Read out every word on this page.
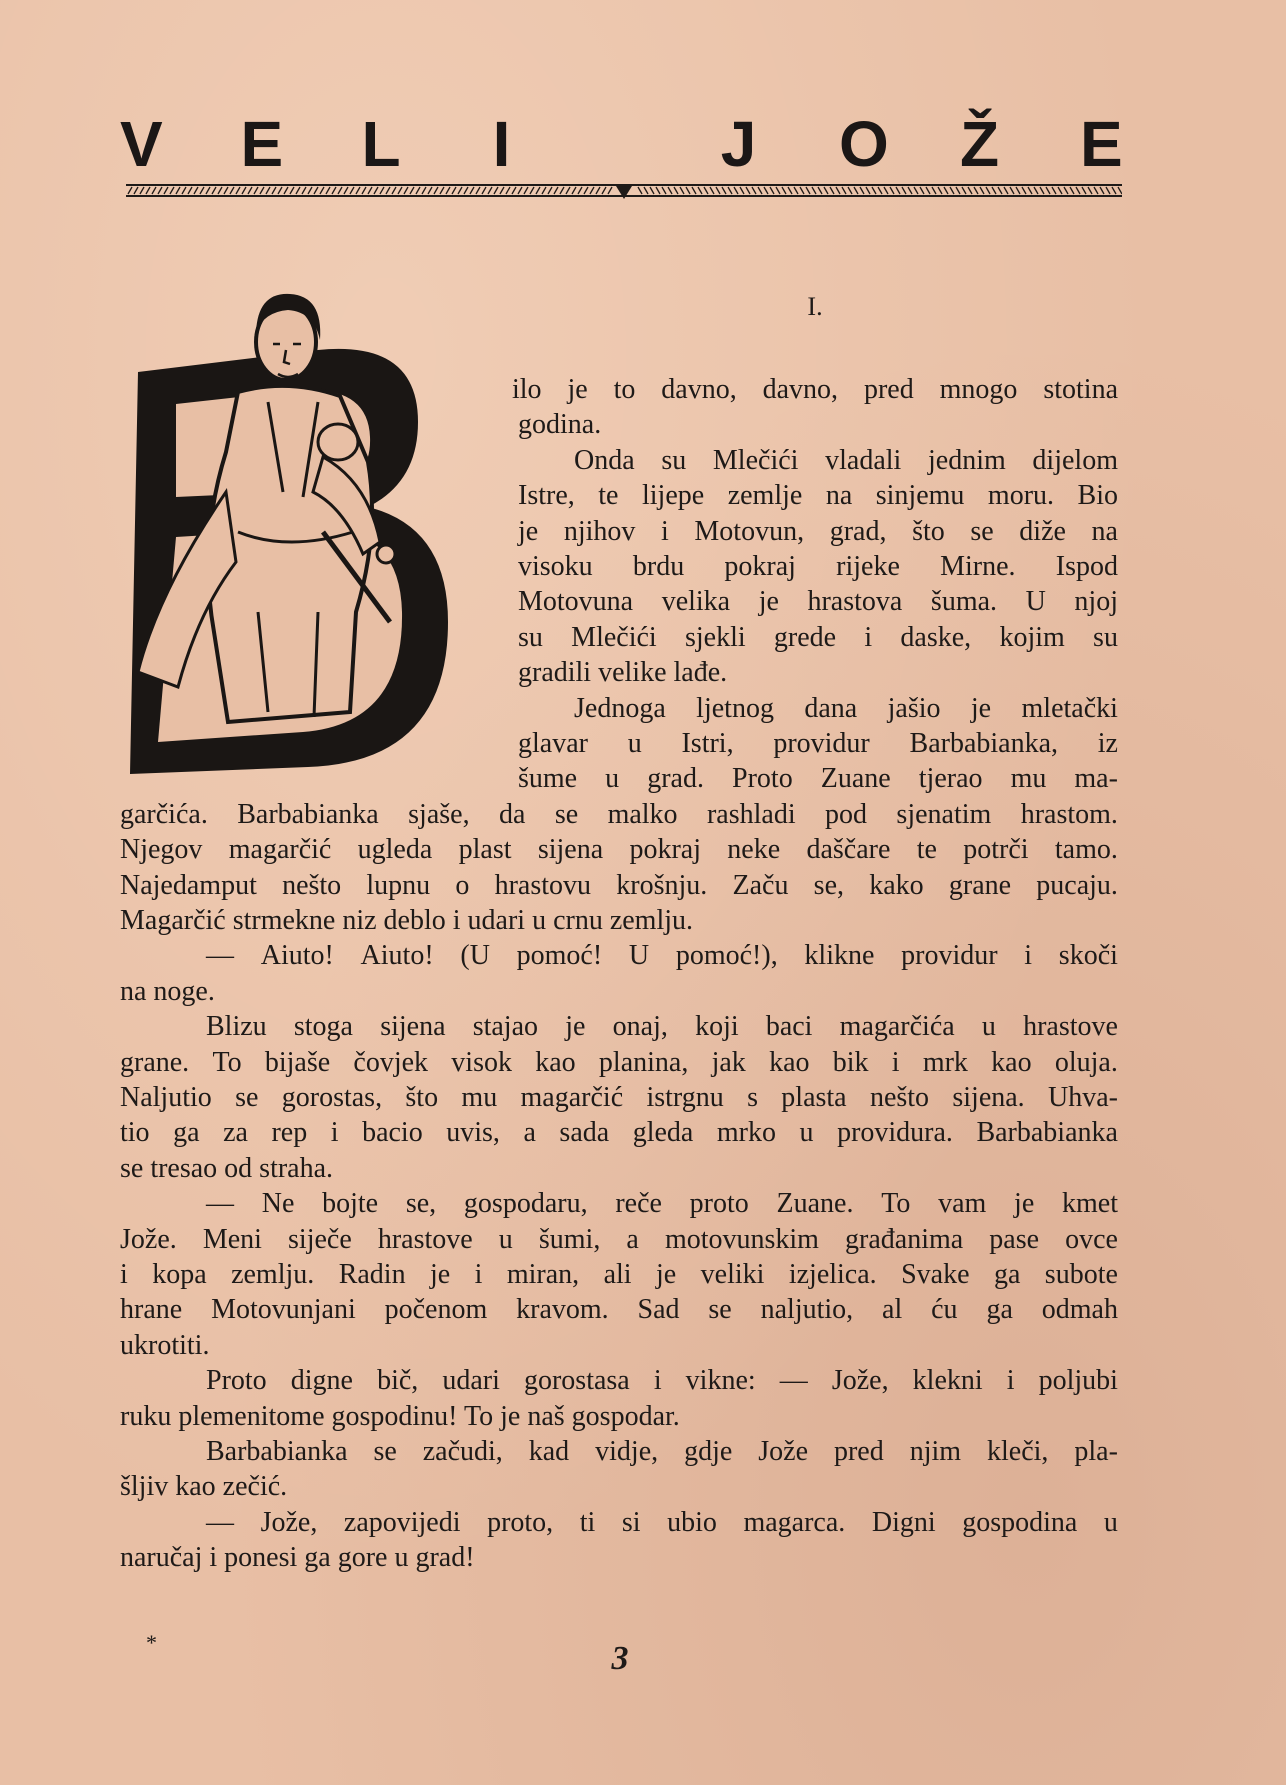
V E L I	J O Ž E
I.
ilo je to davno, davno, pred mnogo stotina
godina.
Onda su Mlečići vladali jednim dijelom
Istre, te lijepe zemlje na sinjemu moru. Bio
je njihov i Motovun, grad, što se diže na
visoku brdu pokraj rijeke Mirne. Ispod
Motovuna velika je hrastova šuma. U njoj
su Mlečići sjekli grede i daske, kojim su
gradili velike lađe.
Jednoga ljetnog dana jašio je mletački
glavar u Istri, providur Barbabianka, iz
šume u grad. Proto Zuane tjerao mu ma-
garčića. Barbabianka sjaše, da se malko rashladi pod sjenatim hrastom.
Njegov magarčić ugleda plast sijena pokraj neke daščare te potrči tamo.
Najedamput nešto lupnu o hrastovu krošnju. Začu se, kako grane pucaju.
Magarčić strmekne niz deblo i udari u crnu zemlju.
— Aiuto! Aiuto! (U pomoć! U pomoć!), klikne providur i skoči
na noge.
Blizu stoga sijena stajao je onaj, koji baci magarčića u hrastove
grane. To bijaše čovjek visok kao planina, jak kao bik i mrk kao oluja.
Naljutio se gorostas, što mu magarčić istrgnu s plasta nešto sijena. Uhva-
tio ga za rep i bacio uvis, a sada gleda mrko u providura. Barbabianka
se tresao od straha.
— Ne bojte se, gospodaru, reče proto Zuane. To vam je kmet
Jože. Meni siječe hrastove u šumi, a motovunskim građanima pase ovce
i kopa zemlju. Radin je i miran, ali je veliki izjelica. Svake ga subote
hrane Motovunjani počenom kravom. Sad se naljutio, al ću ga odmah
ukrotiti.
Proto digne bič, udari gorostasa i vikne: — Jože, klekni i poljubi
ruku plemenitome gospodinu! To je naš gospodar.
Barbabianka se začudi, kad vidje, gdje Jože pred njim kleči, pla-
šljiv kao zečić.
— Jože, zapovijedi proto, ti si ubio magarca. Digni gospodina u
naručaj i ponesi ga gore u grad!
*	3
